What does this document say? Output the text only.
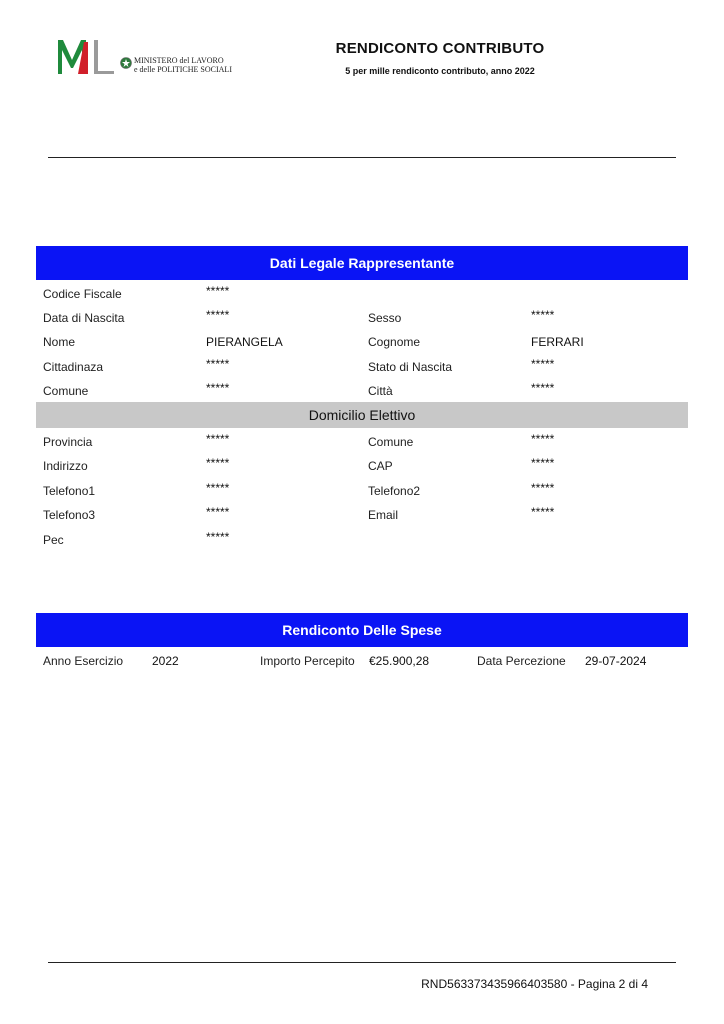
MINISTERO del LAVORO
e delle POLITICHE SOCIALI
RENDICONTO CONTRIBUTO
5 per mille rendiconto contributo, anno 2022
Dati Legale Rappresentante
Codice Fiscale	*****
Data di Nascita	*****	Sesso	*****
Nome	PIERANGELA	Cognome	FERRARI
Cittadinaza	*****	Stato di Nascita	*****
Comune	*****	Città	*****
Domicilio Elettivo
Provincia	*****	Comune	*****
Indirizzo	*****	CAP	*****
Telefono1	*****	Telefono2	*****
Telefono3	*****	Email	*****
Pec	*****
Rendiconto Delle Spese
Anno Esercizio 2022	Importo Percepito €25.900,28	Data Percezione 29-07-2024
RND563373435966403580 - Pagina 2 di 4
